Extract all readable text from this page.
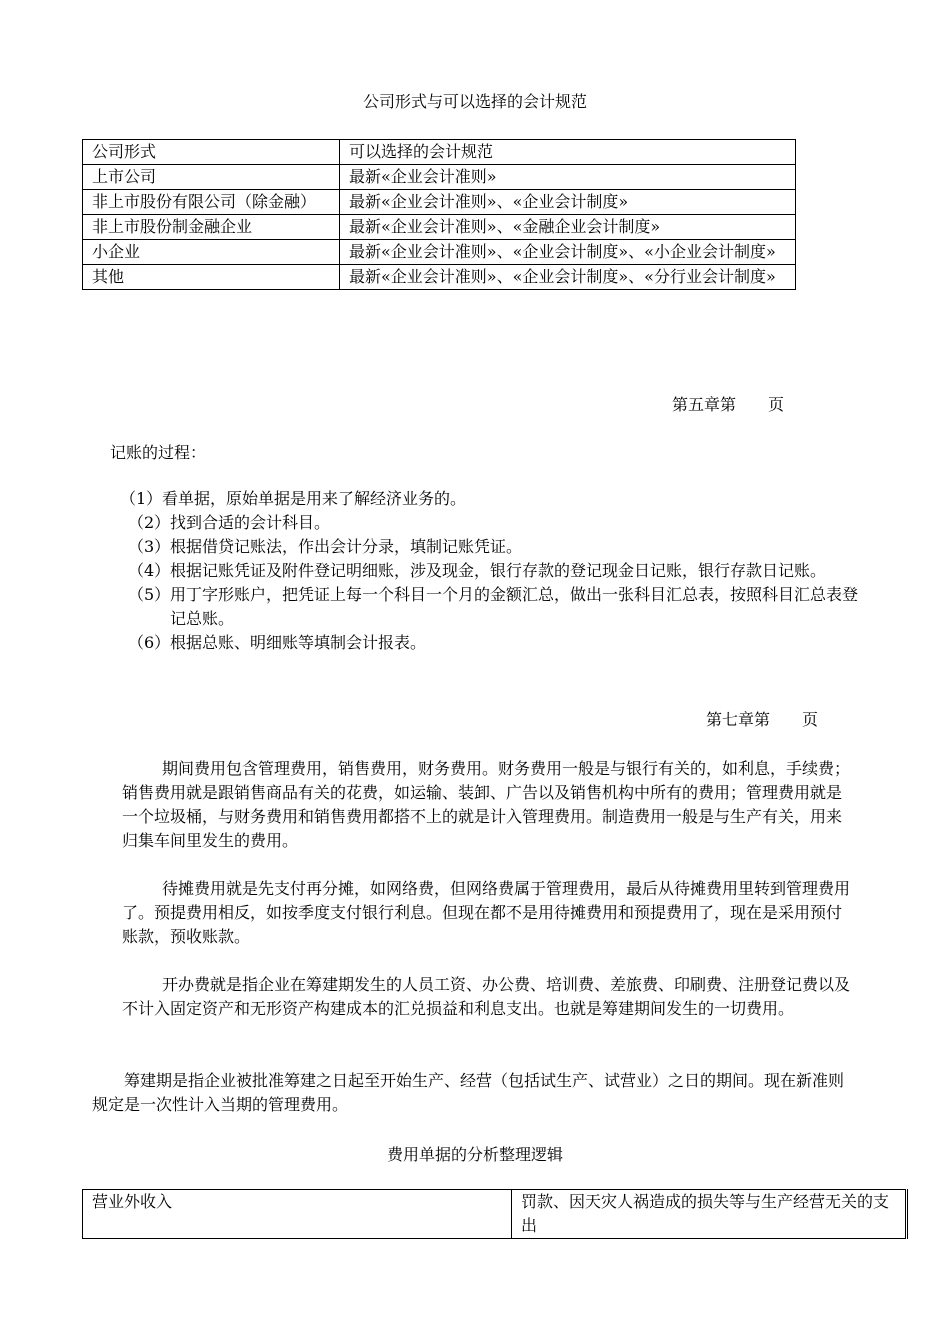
公司形式与可以选择的会计规范
公司形式	可以选择的会计规范
上市公司	最新«企业会计准则»
非上市股份有限公司（除金融）	最新«企业会计准则»、«企业会计制度»
非上市股份制金融企业	最新«企业会计准则»、«金融企业会计制度»
小企业	最新«企业会计准则»、«企业会计制度»、«小企业会计制度»
其他	最新«企业会计准则»、«企业会计制度»、«分行业会计制度»
第五章第　　页
记账的过程：
（1） 看单据，原始单据是用来了解经济业务的。
（2） 找到合适的会计科目。
（3） 根据借贷记账法，作出会计分录，填制记账凭证。
（4） 根据记账凭证及附件登记明细账，涉及现金，银行存款的登记现金日记账，银行存款日记账。
（5） 用丁字形账户，把凭证上每一个科目一个月的金额汇总，做出一张科目汇总表，按照科目汇总表登记总账。
（6） 根据总账、明细账等填制会计报表。
第七章第　　页
期间费用包含管理费用，销售费用，财务费用。财务费用一般是与银行有关的，如利息，手续费；销售费用就是跟销售商品有关的花费，如运输、装卸、广告以及销售机构中所有的费用；管理费用就是一个垃圾桶，与财务费用和销售费用都搭不上的就是计入管理费用。制造费用一般是与生产有关，用来归集车间里发生的费用。
待摊费用就是先支付再分摊，如网络费，但网络费属于管理费用，最后从待摊费用里转到管理费用了。预提费用相反，如按季度支付银行利息。但现在都不是用待摊费用和预提费用了，现在是采用预付账款，预收账款。
开办费就是指企业在筹建期发生的人员工资、办公费、培训费、差旅费、印刷费、注册登记费以及不计入固定资产和无形资产构建成本的汇兑损益和利息支出。也就是筹建期间发生的一切费用。
筹建期是指企业被批准筹建之日起至开始生产、经营（包括试生产、试营业）之日的期间。现在新准则规定是一次性计入当期的管理费用。
费用单据的分析整理逻辑
营业外收入	罚款、因天灾人祸造成的损失等与生产经营无关的支出
